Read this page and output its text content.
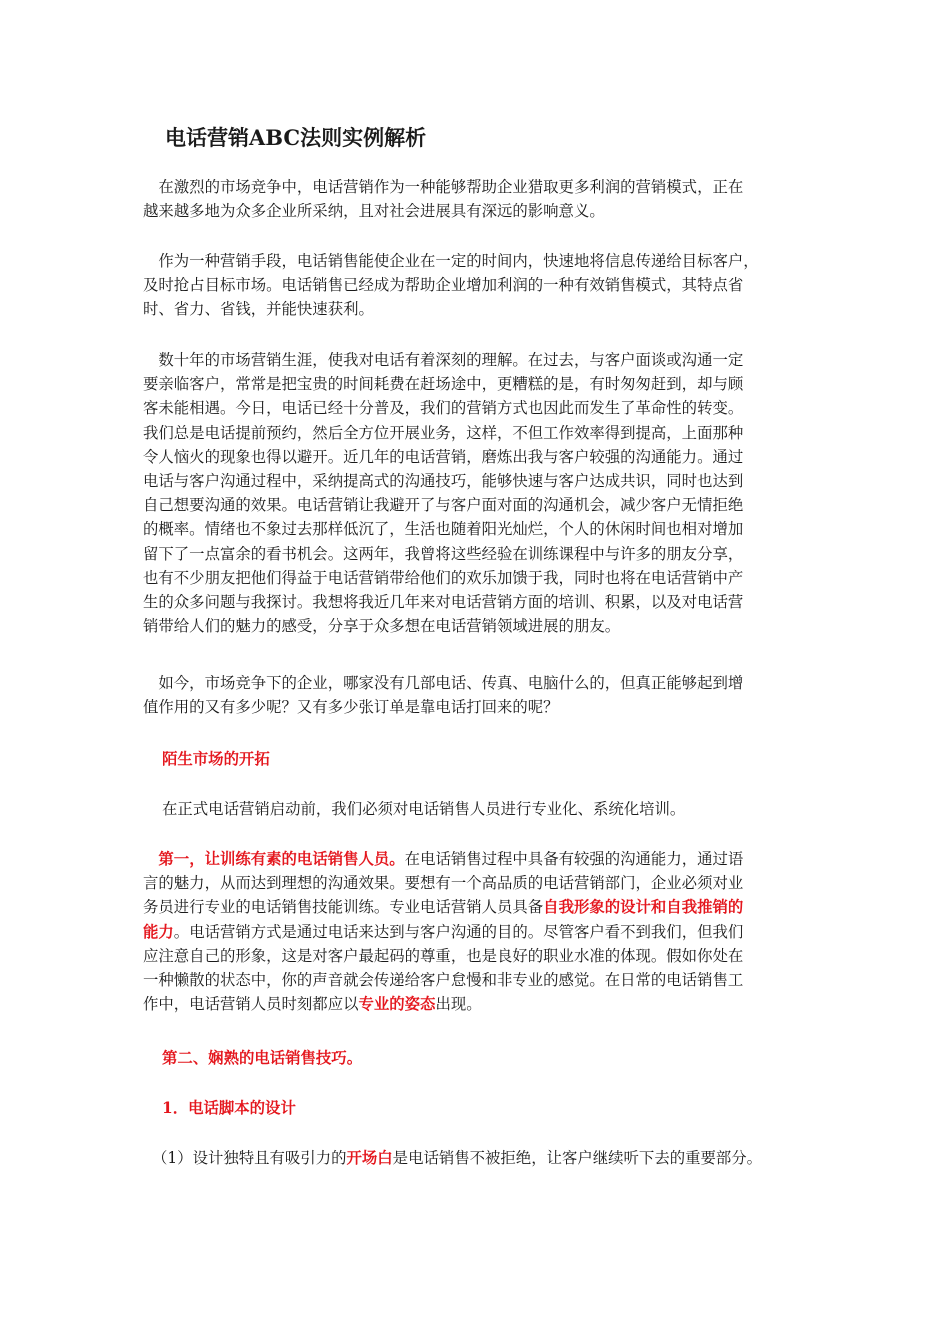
电话营销ABC法则实例解析

　在激烈的市场竞争中，电话营销作为一种能够帮助企业猎取更多利润的营销模式，正在
越来越多地为众多企业所采纳，且对社会进展具有深远的影响意义。

　作为一种营销手段，电话销售能使企业在一定的时间内，快速地将信息传递给目标客户，
及时抢占目标市场。电话销售已经成为帮助企业增加利润的一种有效销售模式，其特点省
时、省力、省钱，并能快速获利。

　数十年的市场营销生涯，使我对电话有着深刻的理解。在过去，与客户面谈或沟通一定
要亲临客户，常常是把宝贵的时间耗费在赶场途中，更糟糕的是，有时匆匆赶到，却与顾
客未能相遇。今日，电话已经十分普及，我们的营销方式也因此而发生了革命性的转变。
我们总是电话提前预约，然后全方位开展业务，这样，不但工作效率得到提高，上面那种
令人恼火的现象也得以避开。近几年的电话营销，磨炼出我与客户较强的沟通能力。通过
电话与客户沟通过程中，采纳提高式的沟通技巧，能够快速与客户达成共识，同时也达到
自己想要沟通的效果。电话营销让我避开了与客户面对面的沟通机会，减少客户无情拒绝
的概率。情绪也不象过去那样低沉了，生活也随着阳光灿烂，个人的休闲时间也相对增加
留下了一点富余的看书机会。这两年，我曾将这些经验在训练课程中与许多的朋友分享，
也有不少朋友把他们得益于电话营销带给他们的欢乐加馈于我，同时也将在电话营销中产
生的众多问题与我探讨。我想将我近几年来对电话营销方面的培训、积累，以及对电话营
销带给人们的魅力的感受，分享于众多想在电话营销领域进展的朋友。

　如今，市场竞争下的企业，哪家没有几部电话、传真、电脑什么的，但真正能够起到增
值作用的又有多少呢？又有多少张订单是靠电话打回来的呢？

陌生市场的开拓

在正式电话营销启动前，我们必须对电话销售人员进行专业化、系统化培训。

　第一，让训练有素的电话销售人员。在电话销售过程中具备有较强的沟通能力，通过语
言的魅力，从而达到理想的沟通效果。要想有一个高品质的电话营销部门，企业必须对业
务员进行专业的电话销售技能训练。专业电话营销人员具备自我形象的设计和自我推销的
能力。电话营销方式是通过电话来达到与客户沟通的目的。尽管客户看不到我们，但我们
应注意自己的形象，这是对客户最起码的尊重，也是良好的职业水准的体现。假如你处在
一种懒散的状态中，你的声音就会传递给客户怠慢和非专业的感觉。在日常的电话销售工
作中，电话营销人员时刻都应以专业的姿态出现。

第二、娴熟的电话销售技巧。

1．电话脚本的设计

（1）设计独特且有吸引力的开场白是电话销售不被拒绝，让客户继续听下去的重要部分。
